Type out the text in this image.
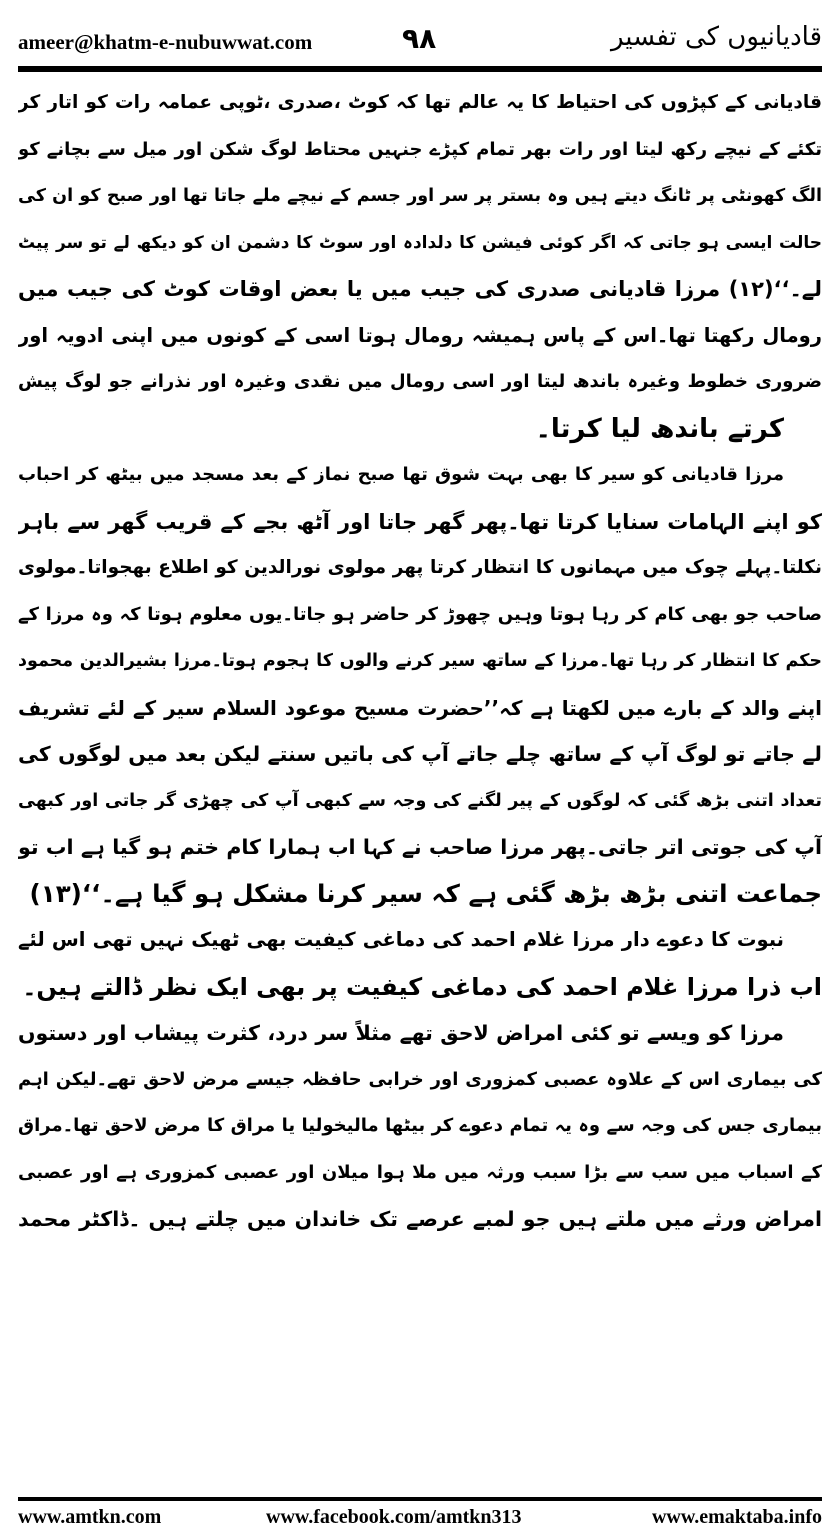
ameer@khatm-e-nubuwwat.com	۹۸	قادیانیوں کی تفسیر
قادیانی کے کپڑوں کی احتیاط کا یہ عالم تھا کہ کوٹ ،صدری ،ٹوپی عمامہ رات کو اتار کر
تکئے کے نیچے رکھ لیتا اور رات بھر تمام کپڑے جنہیں محتاط لوگ شکن اور میل سے بچانے کو
الگ کھونٹی پر ٹانگ دیتے ہیں وہ بستر پر سر اور جسم کے نیچے ملے جاتا تھا اور صبح کو ان کی
حالت ایسی ہو جاتی کہ اگر کوئی فیشن کا دلدادہ اور سوٹ کا دشمن ان کو دیکھ لے تو سر پیٹ
لے۔‘‘(۱۲) مرزا قادیانی صدری کی جیب میں یا بعض اوقات کوٹ کی جیب میں
رومال رکھتا تھا۔اس کے پاس ہمیشہ رومال ہوتا اسی کے کونوں میں اپنی ادویہ اور
ضروری خطوط وغیرہ باندھ لیتا اور اسی رومال میں نقدی وغیرہ اور نذرانے جو لوگ پیش
کرتے باندھ لیا کرتا۔
مرزا قادیانی کو سیر کا بھی بہت شوق تھا صبح نماز کے بعد مسجد میں بیٹھ کر احباب
کو اپنے الہامات سنایا کرتا تھا۔پھر گھر جاتا اور آٹھ بجے کے قریب گھر سے باہر
نکلتا۔پہلے چوک میں مہمانوں کا انتظار کرتا پھر مولوی نورالدین کو اطلاع بھجواتا۔مولوی
صاحب جو بھی کام کر رہا ہوتا وہیں چھوڑ کر حاضر ہو جاتا۔یوں معلوم ہوتا کہ وہ مرزا کے
حکم کا انتظار کر رہا تھا۔مرزا کے ساتھ سیر کرنے والوں کا ہجوم ہوتا۔مرزا بشیرالدین محمود
اپنے والد کے بارے میں لکھتا ہے کہ’’حضرت مسیح موعود السلام سیر کے لئے تشریف
لے جاتے تو لوگ آپ کے ساتھ چلے جاتے آپ کی باتیں سنتے لیکن بعد میں لوگوں کی
تعداد اتنی بڑھ گئی کہ لوگوں کے پیر لگنے کی وجہ سے کبھی آپ کی چھڑی گر جاتی اور کبھی
آپ کی جوتی اتر جاتی۔پھر مرزا صاحب نے کہا اب ہمارا کام ختم ہو گیا ہے اب تو
جماعت اتنی بڑھ بڑھ گئی ہے کہ سیر کرنا مشکل ہو گیا ہے۔‘‘(۱۳)
نبوت کا دعوے دار مرزا غلام احمد کی دماغی کیفیت بھی ٹھیک نہیں تھی اس لئے
اب ذرا مرزا غلام احمد کی دماغی کیفیت پر بھی ایک نظر ڈالتے ہیں۔
مرزا کو ویسے تو کئی امراض لاحق تھے مثلاً سر درد، کثرت پیشاب اور دستوں
کی بیماری اس کے علاوہ عصبی کمزوری اور خرابی حافظہ جیسے مرض لاحق تھے۔لیکن اہم
بیماری جس کی وجہ سے وہ یہ تمام دعوے کر بیٹھا مالیخولیا یا مراق کا مرض لاحق تھا۔مراق
کے اسباب میں سب سے بڑا سبب ورثہ میں ملا ہوا میلان اور عصبی کمزوری ہے اور عصبی
امراض ورثے میں ملتے ہیں جو لمبے عرصے تک خاندان میں چلتے ہیں ۔ڈاکٹر محمد
www.amtkn.com	www.facebook.com/amtkn313	www.emaktaba.info
